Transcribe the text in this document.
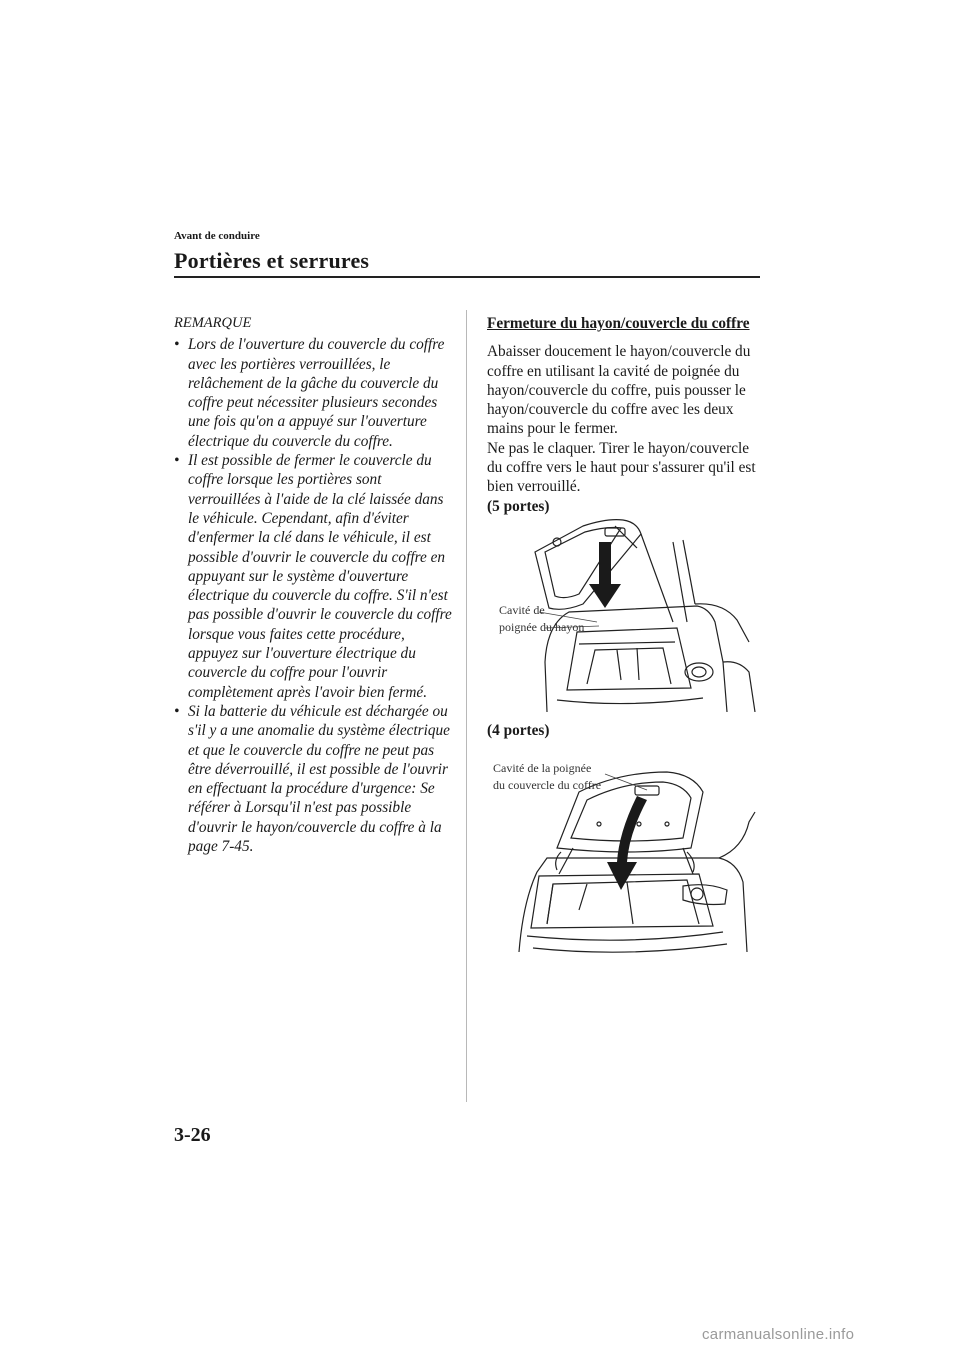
Avant de conduire
Portières et serrures

REMARQUE

• Lors de l'ouverture du couvercle du coffre avec les portières verrouillées, le relâchement de la gâche du couvercle du coffre peut nécessiter plusieurs secondes une fois qu'on a appuyé sur l'ouverture électrique du couvercle du coffre.
• Il est possible de fermer le couvercle du coffre lorsque les portières sont verrouillées à l'aide de la clé laissée dans le véhicule. Cependant, afin d'éviter d'enfermer la clé dans le véhicule, il est possible d'ouvrir le couvercle du coffre en appuyant sur le système d'ouverture électrique du couvercle du coffre. S'il n'est pas possible d'ouvrir le couvercle du coffre lorsque vous faites cette procédure, appuyez sur l'ouverture électrique du couvercle du coffre pour l'ouvrir complètement après l'avoir bien fermé.
• Si la batterie du véhicule est déchargée ou s'il y a une anomalie du système électrique et que le couvercle du coffre ne peut pas être déverrouillé, il est possible de l'ouvrir en effectuant la procédure d'urgence: Se référer à Lorsqu'il n'est pas possible d'ouvrir le hayon/couvercle du coffre à la page 7-45.
Fermeture du hayon/couvercle du coffre

Abaisser doucement le hayon/couvercle du coffre en utilisant la cavité de poignée du hayon/couvercle du coffre, puis pousser le hayon/couvercle du coffre avec les deux mains pour le fermer.

Ne pas le claquer. Tirer le hayon/couvercle du coffre vers le haut pour s'assurer qu'il est bien verrouillé.

(5 portes)

(4 portes)
Cavité de
poignée du hayon
Cavité de la poignée
du couvercle du coffre
3-26
carmanualsonline.info
